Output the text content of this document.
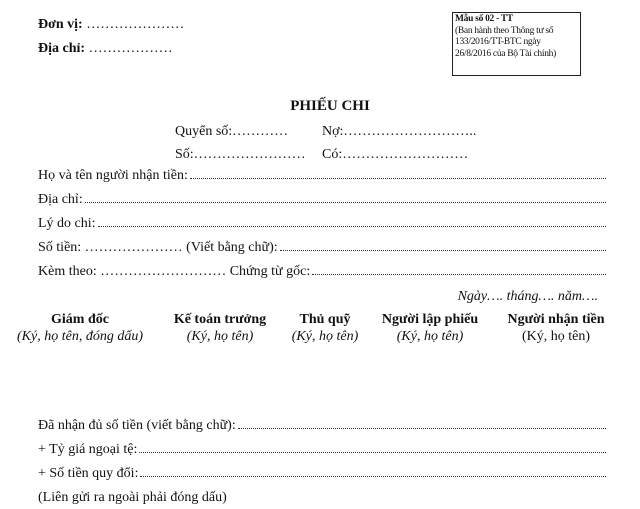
Đơn vị: …………………
Địa chỉ: ………………
Mẫu số 02 - TT
(Ban hành theo Thông tư số
133/2016/TT-BTC ngày
26/8/2016 của Bộ Tài chính)
PHIẾU CHI
Quyển số:………… Nợ:………………………..
Số:…………………… Có:………………………
Họ và tên người nhận tiền:
Địa chỉ:
Lý do chi:
Số tiền: ………………… (Viết bằng chữ):
Kèm theo: ……………………… Chứng từ gốc:
Ngày…. tháng…. năm….
Giám đốc
(Ký, họ tên, đóng dấu)
Kế toán trưởng
(Ký, họ tên)
Thủ quỹ
(Ký, họ tên)
Người lập phiếu
(Ký, họ tên)
Người nhận tiền
(Ký, họ tên)
Đã nhận đủ số tiền (viết bằng chữ):
+ Tỷ giá ngoại tệ:
+ Số tiền quy đổi:
(Liên gửi ra ngoài phải đóng dấu)
